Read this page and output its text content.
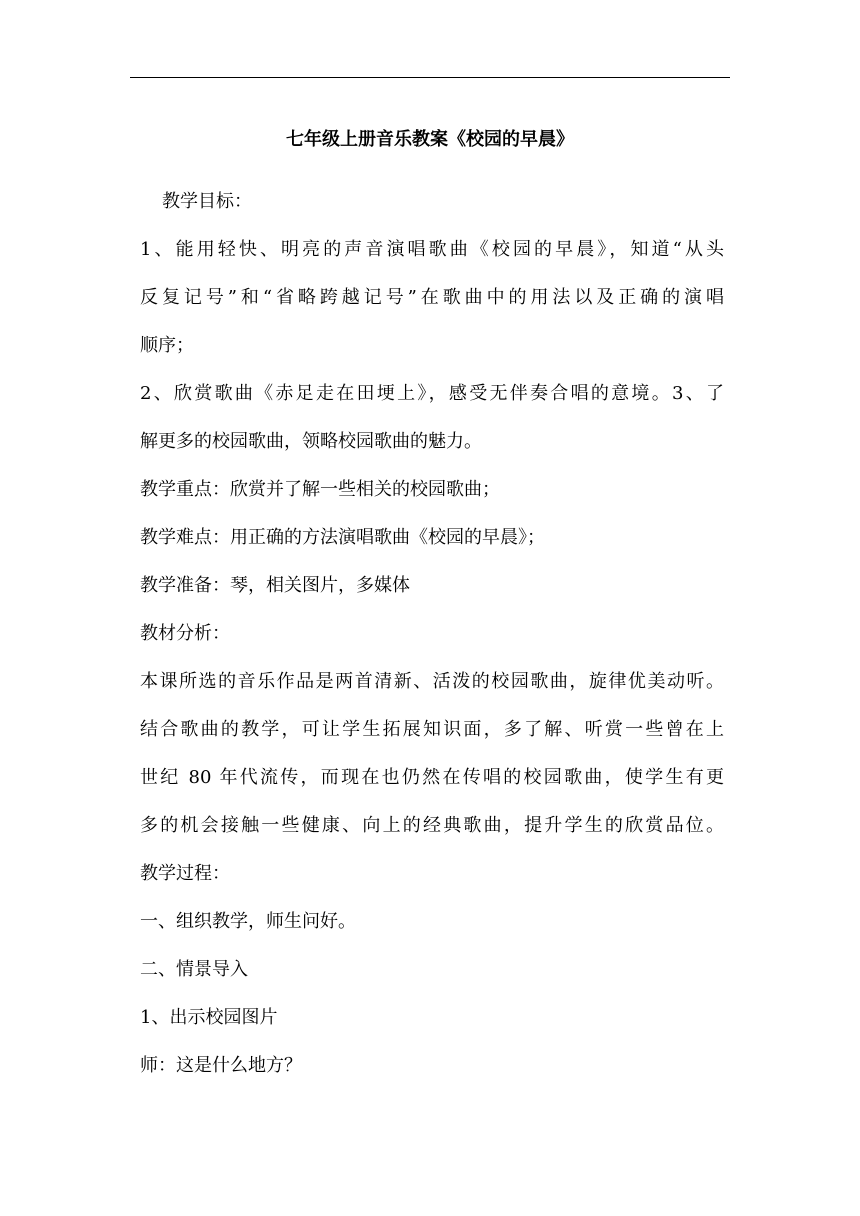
七年级上册音乐教案《校园的早晨》

教学目标：

1、能用轻快、明亮的声音演唱歌曲《校园的早晨》，知道“从头
反复记号”和“省略跨越记号”在歌曲中的用法以及正确的演唱
顺序；

2、欣赏歌曲《赤足走在田埂上》，感受无伴奏合唱的意境。3、了
解更多的校园歌曲，领略校园歌曲的魅力。

教学重点：欣赏并了解一些相关的校园歌曲；

教学难点：用正确的方法演唱歌曲《校园的早晨》；

教学准备：琴，相关图片，多媒体

教材分析：

本课所选的音乐作品是两首清新、活泼的校园歌曲，旋律优美动听。
结合歌曲的教学，可让学生拓展知识面，多了解、听赏一些曾在上
世纪 80 年代流传，而现在也仍然在传唱的校园歌曲，使学生有更
多的机会接触一些健康、向上的经典歌曲，提升学生的欣赏品位。

教学过程：

一、组织教学，师生问好。

二、情景导入

1、出示校园图片

师：这是什么地方？
